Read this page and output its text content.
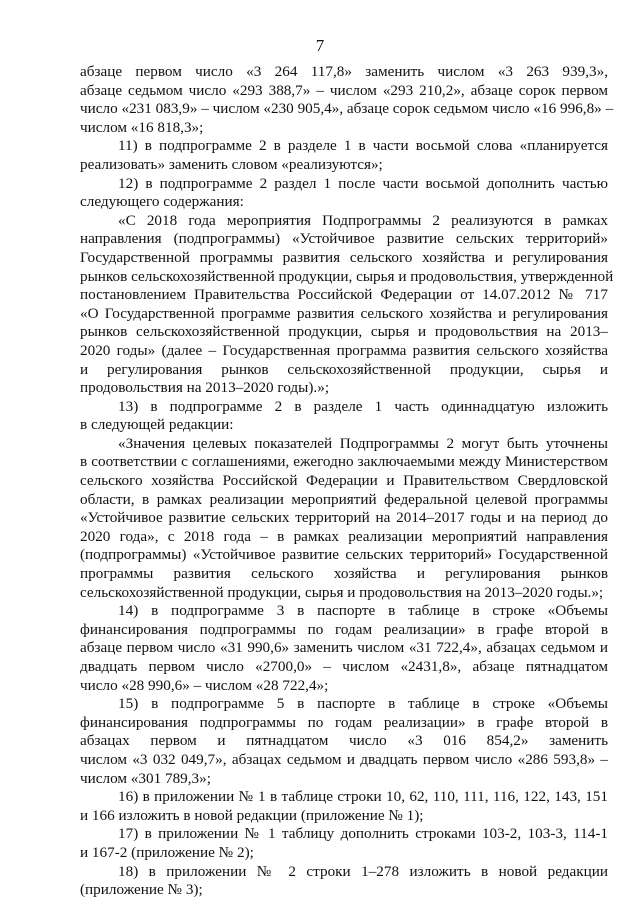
7
абзаце первом число «3 264 117,8» заменить числом «3 263 939,3»,
абзаце седьмом число «293 388,7» – числом «293 210,2», абзаце сорок первом
число «231 083,9» – числом «230 905,4», абзаце сорок седьмом число «16 996,8» –
числом «16 818,3»;
11) в подпрограмме 2 в разделе 1 в части восьмой слова «планируется
реализовать» заменить словом «реализуются»;
12) в подпрограмме 2 раздел 1 после части восьмой дополнить частью
следующего содержания:
«С 2018 года мероприятия Подпрограммы 2 реализуются в рамках
направления (подпрограммы) «Устойчивое развитие сельских территорий»
Государственной программы развития сельского хозяйства и регулирования
рынков сельскохозяйственной продукции, сырья и продовольствия, утвержденной
постановлением Правительства Российской Федерации от 14.07.2012 № 717
«О Государственной программе развития сельского хозяйства и регулирования
рынков сельскохозяйственной продукции, сырья и продовольствия на 2013–
2020 годы» (далее – Государственная программа развития сельского хозяйства
и регулирования рынков сельскохозяйственной продукции, сырья и
продовольствия на 2013–2020 годы).»;
13) в подпрограмме 2 в разделе 1 часть одиннадцатую изложить
в следующей редакции:
«Значения целевых показателей Подпрограммы 2 могут быть уточнены
в соответствии с соглашениями, ежегодно заключаемыми между Министерством
сельского хозяйства Российской Федерации и Правительством Свердловской
области, в рамках реализации мероприятий федеральной целевой программы
«Устойчивое развитие сельских территорий на 2014–2017 годы и на период до
2020 года», с 2018 года – в рамках реализации мероприятий направления
(подпрограммы) «Устойчивое развитие сельских территорий» Государственной
программы развития сельского хозяйства и регулирования рынков
сельскохозяйственной продукции, сырья и продовольствия на 2013–2020 годы.»;
14) в подпрограмме 3 в паспорте в таблице в строке «Объемы
финансирования подпрограммы по годам реализации» в графе второй в
абзаце первом число «31 990,6» заменить числом «31 722,4», абзацах седьмом и
двадцать первом число «2700,0» – числом «2431,8», абзаце пятнадцатом
число «28 990,6» – числом «28 722,4»;
15) в подпрограмме 5 в паспорте в таблице в строке «Объемы
финансирования подпрограммы по годам реализации» в графе второй в
абзацах первом и пятнадцатом число «3 016 854,2» заменить
числом «3 032 049,7», абзацах седьмом и двадцать первом число «286 593,8» –
числом «301 789,3»;
16) в приложении № 1 в таблице строки 10, 62, 110, 111, 116, 122, 143, 151
и 166 изложить в новой редакции (приложение № 1);
17) в приложении № 1 таблицу дополнить строками 103-2, 103-3, 114-1
и 167-2 (приложение № 2);
18) в приложении № 2 строки 1–278 изложить в новой редакции
(приложение № 3);
